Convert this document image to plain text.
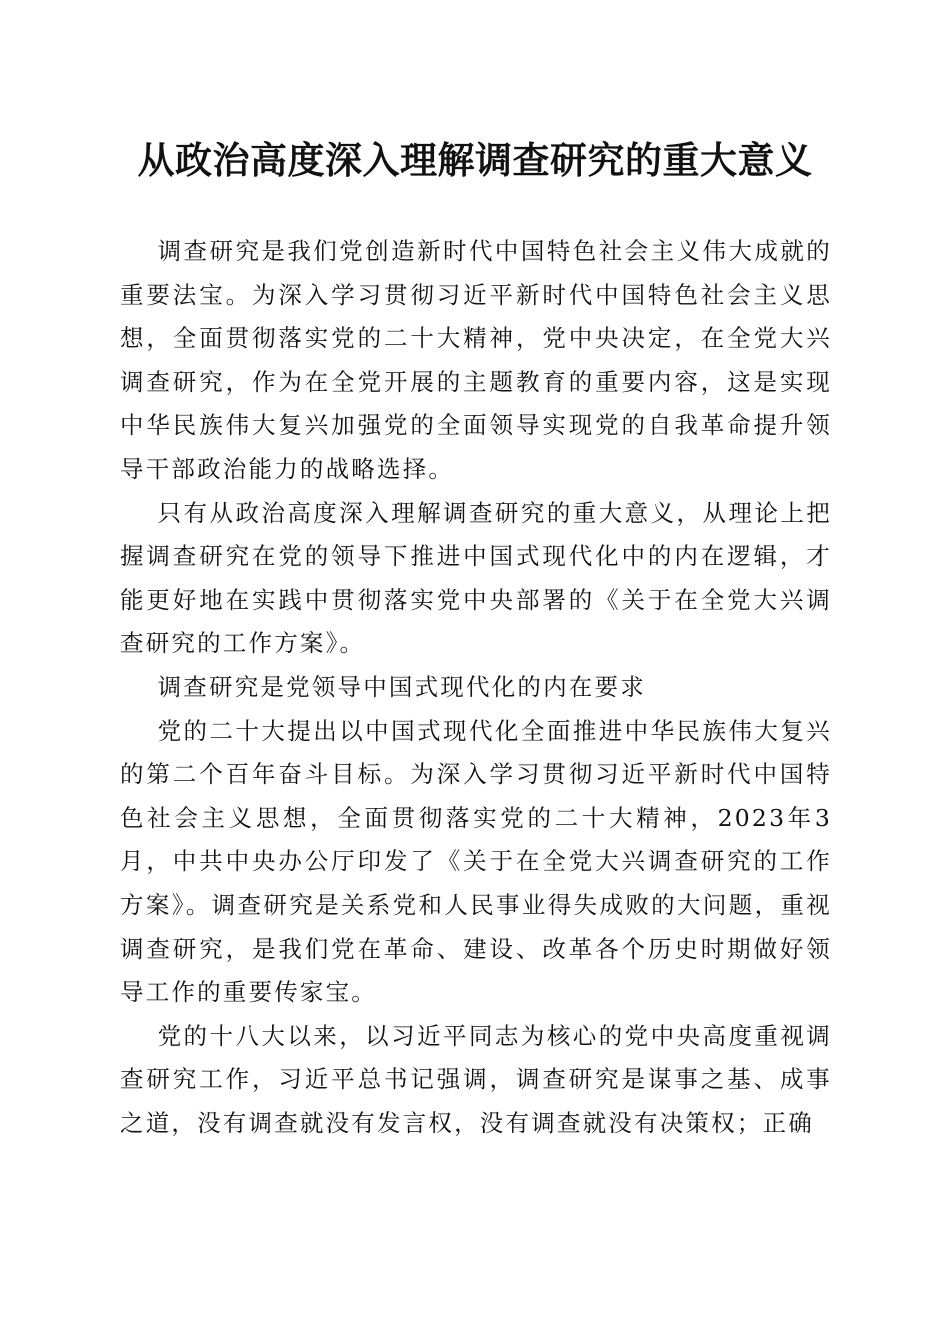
从政治高度深入理解调查研究的重大意义

调查研究是我们党创造新时代中国特色社会主义伟大成就的重要法宝。为深入学习贯彻习近平新时代中国特色社会主义思想，全面贯彻落实党的二十大精神，党中央决定，在全党大兴调查研究，作为在全党开展的主题教育的重要内容，这是实现中华民族伟大复兴加强党的全面领导实现党的自我革命提升领导干部政治能力的战略选择。

只有从政治高度深入理解调查研究的重大意义，从理论上把握调查研究在党的领导下推进中国式现代化中的内在逻辑，才能更好地在实践中贯彻落实党中央部署的《关于在全党大兴调查研究的工作方案》。

调查研究是党领导中国式现代化的内在要求

党的二十大提出以中国式现代化全面推进中华民族伟大复兴的第二个百年奋斗目标。为深入学习贯彻习近平新时代中国特色社会主义思想，全面贯彻落实党的二十大精神，2023年3月，中共中央办公厅印发了《关于在全党大兴调查研究的工作方案》。调查研究是关系党和人民事业得失成败的大问题，重视调查研究，是我们党在革命、建设、改革各个历史时期做好领导工作的重要传家宝。

党的十八大以来，以习近平同志为核心的党中央高度重视调查研究工作，习近平总书记强调，调查研究是谋事之基、成事之道，没有调查就没有发言权，没有调查就没有决策权；正确
